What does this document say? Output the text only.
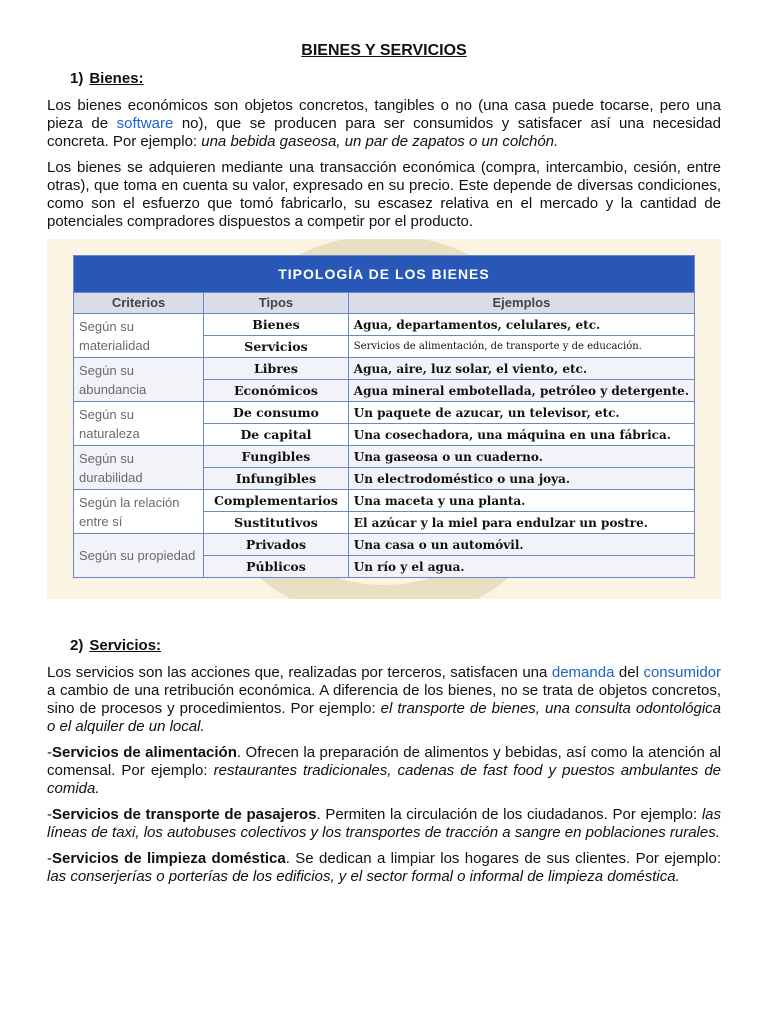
BIENES Y SERVICIOS
1) Bienes:

Los bienes económicos son objetos concretos, tangibles o no (una casa puede tocarse, pero una pieza de software no), que se producen para ser consumidos y satisfacer así una necesidad concreta. Por ejemplo: una bebida gaseosa, un par de zapatos o un colchón.

Los bienes se adquieren mediante una transacción económica (compra, intercambio, cesión, entre otras), que toma en cuenta su valor, expresado en su precio. Este depende de diversas condiciones, como son el esfuerzo que tomó fabricarlo, su escasez relativa en el mercado y la cantidad de potenciales compradores dispuestos a competir por el producto.

TIPOLOGÍA DE LOS BIENES		
Criterios	Tipos	Ejemplos
Según su materialidad	Bienes	Agua, departamentos, celulares, etc.
	Servicios	Servicios de alimentación, de transporte y de educación.
Según su abundancia	Libres	Agua, aire, luz solar, el viento, etc.
	Económicos	Agua mineral embotellada, petróleo y detergente.
Según su naturaleza	De consumo	Un paquete de azucar, un televisor, etc.
	De capital	Una cosechadora, una máquina en una fábrica.
Según su durabilidad	Fungibles	Una gaseosa o un cuaderno.
	Infungibles	Un electrodoméstico o una joya.
Según la relación entre sí	Complementarios	Una maceta y una planta.
	Sustitutivos	El azúcar y la miel para endulzar un postre.
Según su propiedad	Privados	Una casa o un automóvil.
	Públicos	Un río y el agua.
2) Servicios:

Los servicios son las acciones que, realizadas por terceros, satisfacen una demanda del consumidor a cambio de una retribución económica. A diferencia de los bienes, no se trata de objetos concretos, sino de procesos y procedimientos. Por ejemplo: el transporte de bienes, una consulta odontológica o el alquiler de un local.

-Servicios de alimentación. Ofrecen la preparación de alimentos y bebidas, así como la atención al comensal. Por ejemplo: restaurantes tradicionales, cadenas de fast food y puestos ambulantes de comida.

-Servicios de transporte de pasajeros. Permiten la circulación de los ciudadanos. Por ejemplo: las líneas de taxi, los autobuses colectivos y los transportes de tracción a sangre en poblaciones rurales.

-Servicios de limpieza doméstica. Se dedican a limpiar los hogares de sus clientes. Por ejemplo: las conserjerías o porterías de los edificios, y el sector formal o informal de limpieza doméstica.
